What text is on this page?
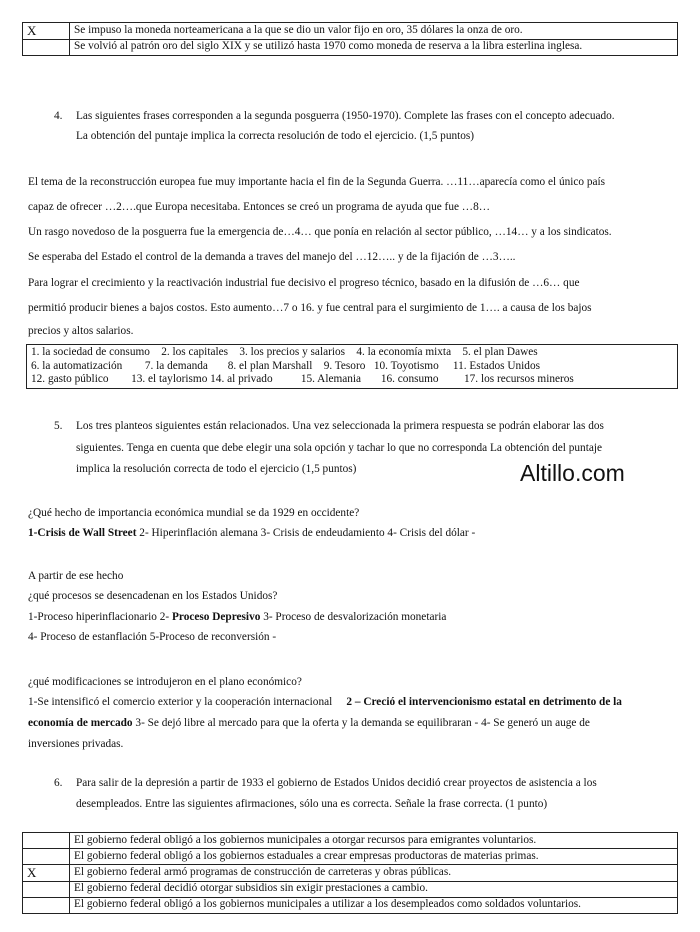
X	Se impuso la moneda norteamericana a la que se dio un valor fijo en oro, 35 dólares la onza de oro.
	Se volvió al patrón oro del siglo XIX y se utilizó hasta 1970 como moneda de reserva a la libra esterlina inglesa.
4. Las siguientes frases corresponden a la segunda posguerra (1950-1970). Complete las frases con el concepto adecuado.
La obtención del puntaje implica la correcta resolución de todo el ejercicio. (1,5 puntos)
El tema de la reconstrucción europea fue muy importante hacia el fin de la Segunda Guerra. …11…aparecía como el único país
capaz de ofrecer …2….que Europa necesitaba. Entonces se creó un programa de ayuda que fue …8…
Un rasgo novedoso de la posguerra fue la emergencia de…4… que ponía en relación al sector público, …14… y a los sindicatos.
Se esperaba del Estado el control de la demanda a traves del manejo del …12….. y de la fijación de …3…..
Para lograr el crecimiento y la reactivación industrial fue decisivo el progreso técnico, basado en la difusión de …6… que
permitió producir bienes a bajos costos. Esto aumento…7 o 16. y fue central para el surgimiento de 1…. a causa de los bajos
precios y altos salarios.
1. la sociedad de consumo    2. los capitales    3. los precios y salarios    4. la economía mixta    5. el plan Dawes
6. la automatización        7. la demanda       8. el plan Marshall    9. Tesoro   10. Toyotismo     11. Estados Unidos
12. gasto público        13. el taylorismo 14. al privado          15. Alemania       16. consumo         17. los recursos mineros
5. Los tres planteos siguientes están relacionados. Una vez seleccionada la primera respuesta se podrán elaborar las dos
siguientes. Tenga en cuenta que debe elegir una sola opción y tachar lo que no corresponda La obtención del puntaje
implica la resolución correcta de todo el ejercicio (1,5 puntos)	Altillo.com
¿Qué hecho de importancia económica mundial se da 1929 en occidente?
1-Crisis de Wall Street 2- Hiperinflación alemana 3- Crisis de endeudamiento 4- Crisis del dólar -
A partir de ese hecho
¿qué procesos se desencadenan en los Estados Unidos?
1-Proceso hiperinflacionario 2- Proceso Depresivo 3- Proceso de desvalorización monetaria
4- Proceso de estanflación 5-Proceso de reconversión -
¿qué modificaciones se introdujeron en el plano económico?
1-Se intensificó el comercio exterior y la cooperación internacional     2 – Creció el intervencionismo estatal en detrimento de la
economía de mercado 3- Se dejó libre al mercado para que la oferta y la demanda se equilibraran - 4- Se generó un auge de
inversiones privadas.
6. Para salir de la depresión a partir de 1933 el gobierno de Estados Unidos decidió crear proyectos de asistencia a los
desempleados. Entre las siguientes afirmaciones, sólo una es correcta. Señale la frase correcta. (1 punto)
	El gobierno federal obligó a los gobiernos municipales a otorgar recursos para emigrantes voluntarios.
	El gobierno federal obligó a los gobiernos estaduales a crear empresas productoras de materias primas.
X	El gobierno federal armó programas de construcción de carreteras y obras públicas.
	El gobierno federal decidió otorgar subsidios sin exigir prestaciones a cambio.
	El gobierno federal obligó a los gobiernos municipales a utilizar a los desempleados como soldados voluntarios.
